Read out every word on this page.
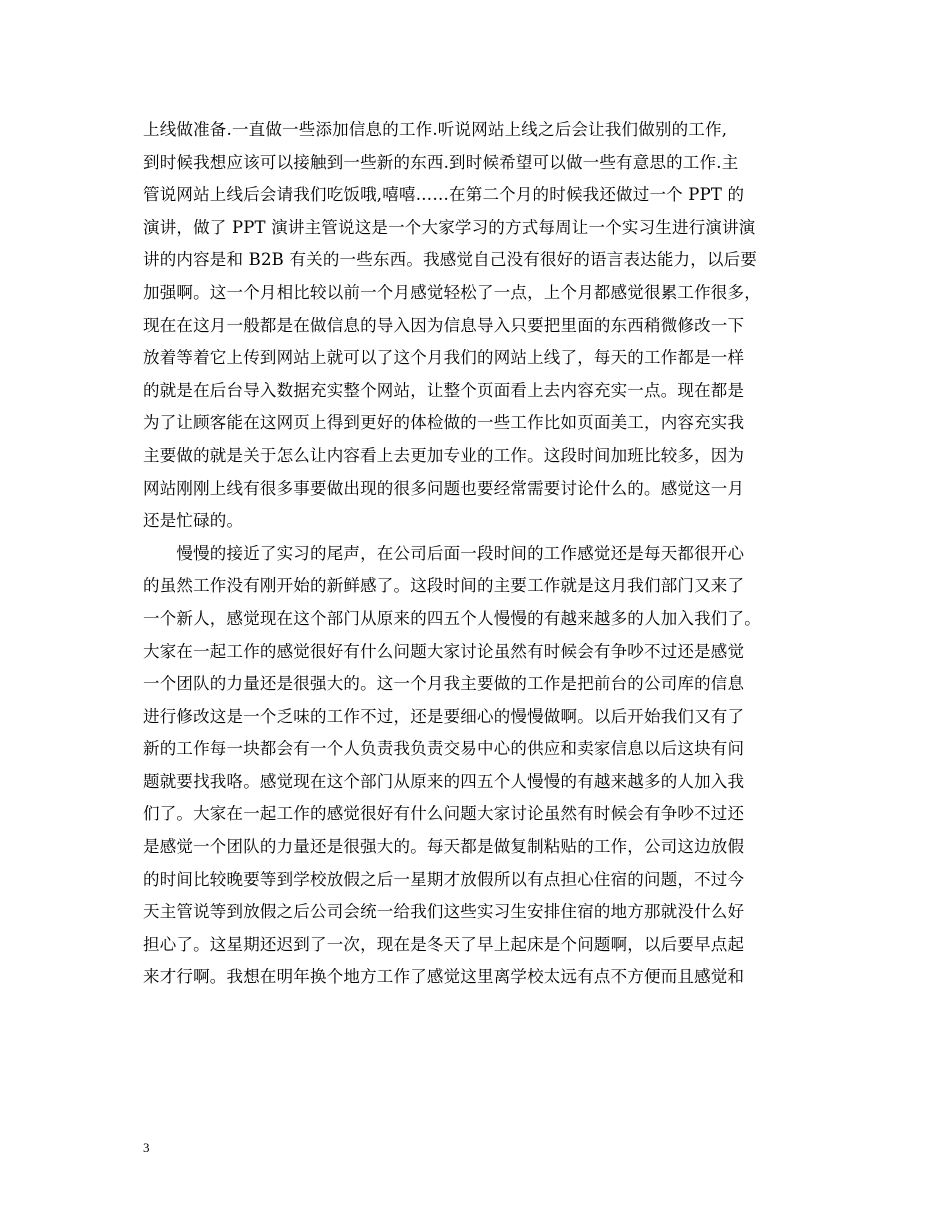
上线做准备.一直做一些添加信息的工作.听说网站上线之后会让我们做别的工作,
到时候我想应该可以接触到一些新的东西.到时候希望可以做一些有意思的工作.主
管说网站上线后会请我们吃饭哦,嘻嘻……在第二个月的时候我还做过一个 PPT 的
演讲，做了 PPT 演讲主管说这是一个大家学习的方式每周让一个实习生进行演讲演
讲的内容是和 B2B 有关的一些东西。我感觉自己没有很好的语言表达能力，以后要
加强啊。这一个月相比较以前一个月感觉轻松了一点，上个月都感觉很累工作很多，
现在在这月一般都是在做信息的导入因为信息导入只要把里面的东西稍微修改一下
放着等着它上传到网站上就可以了这个月我们的网站上线了，每天的工作都是一样
的就是在后台导入数据充实整个网站，让整个页面看上去内容充实一点。现在都是
为了让顾客能在这网页上得到更好的体检做的一些工作比如页面美工，内容充实我
主要做的就是关于怎么让内容看上去更加专业的工作。这段时间加班比较多，因为
网站刚刚上线有很多事要做出现的很多问题也要经常需要讨论什么的。感觉这一月
还是忙碌的。
　　慢慢的接近了实习的尾声，在公司后面一段时间的工作感觉还是每天都很开心
的虽然工作没有刚开始的新鲜感了。这段时间的主要工作就是这月我们部门又来了
一个新人，感觉现在这个部门从原来的四五个人慢慢的有越来越多的人加入我们了。
大家在一起工作的感觉很好有什么问题大家讨论虽然有时候会有争吵不过还是感觉
一个团队的力量还是很强大的。这一个月我主要做的工作是把前台的公司库的信息
进行修改这是一个乏味的工作不过，还是要细心的慢慢做啊。以后开始我们又有了
新的工作每一块都会有一个人负责我负责交易中心的供应和卖家信息以后这块有问
题就要找我咯。感觉现在这个部门从原来的四五个人慢慢的有越来越多的人加入我
们了。大家在一起工作的感觉很好有什么问题大家讨论虽然有时候会有争吵不过还
是感觉一个团队的力量还是很强大的。每天都是做复制粘贴的工作，公司这边放假
的时间比较晚要等到学校放假之后一星期才放假所以有点担心住宿的问题，不过今
天主管说等到放假之后公司会统一给我们这些实习生安排住宿的地方那就没什么好
担心了。这星期还迟到了一次，现在是冬天了早上起床是个问题啊，以后要早点起
来才行啊。我想在明年换个地方工作了感觉这里离学校太远有点不方便而且感觉和
3
